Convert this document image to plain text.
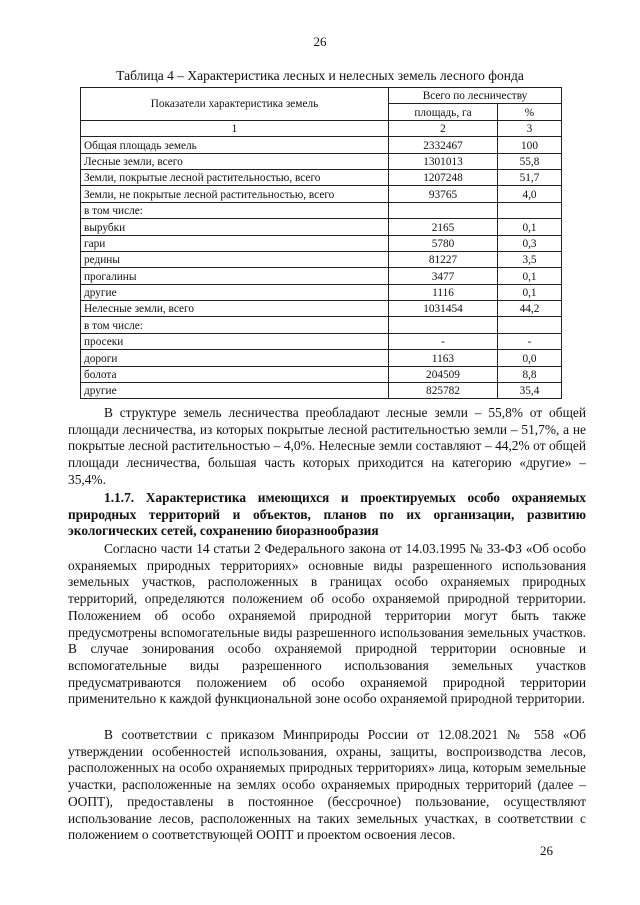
26
Таблица 4 – Характеристика лесных и нелесных земель лесного фонда
Показатели характеристика земель	Всего по лесничеству	
	площадь, га	%
1	2	3
Общая площадь земель	2332467	100
Лесные земли, всего	1301013	55,8
Земли, покрытые лесной растительностью, всего	1207248	51,7
Земли, не покрытые лесной растительностью, всего	93765	4,0
в том числе:		
вырубки	2165	0,1
гари	5780	0,3
редины	81227	3,5
прогалины	3477	0,1
другие	1116	0,1
Нелесные земли, всего	1031454	44,2
в том числе:		
просеки	-	-
дороги	1163	0,0
болота	204509	8,8
другие	825782	35,4
В структуре земель лесничества преобладают лесные земли – 55,8% от общей площади лесничества, из которых покрытые лесной растительностью земли – 51,7%, а не покрытые лесной растительностью – 4,0%. Нелесные земли составляют – 44,2% от общей площади лесничества, большая часть которых приходится на категорию «другие» – 35,4%.
1.1.7. Характеристика имеющихся и проектируемых особо охраняемых природных территорий и объектов, планов по их организации, развитию экологических сетей, сохранению биоразнообразия
Согласно части 14 статьи 2 Федерального закона от 14.03.1995 № 33-ФЗ «Об особо охраняемых природных территориях» основные виды разрешенного использования земельных участков, расположенных в границах особо охраняемых природных территорий, определяются положением об особо охраняемой природной территории. Положением об особо охраняемой природной территории могут быть также предусмотрены вспомогательные виды разрешенного использования земельных участков. В случае зонирования особо охраняемой природной территории основные и вспомогательные виды разрешенного использования земельных участков предусматриваются положением об особо охраняемой природной территории применительно к каждой функциональной зоне особо охраняемой природной территории.
В соответствии с приказом Минприроды России от 12.08.2021 № 558 «Об утверждении особенностей использования, охраны, защиты, воспроизводства лесов, расположенных на особо охраняемых природных территориях» лица, которым земельные участки, расположенные на землях особо охраняемых природных территорий (далее – ООПТ), предоставлены в постоянное (бессрочное) пользование, осуществляют использование лесов, расположенных на таких земельных участках, в соответствии с положением о соответствующей ООПТ и проектом освоения лесов.
26
